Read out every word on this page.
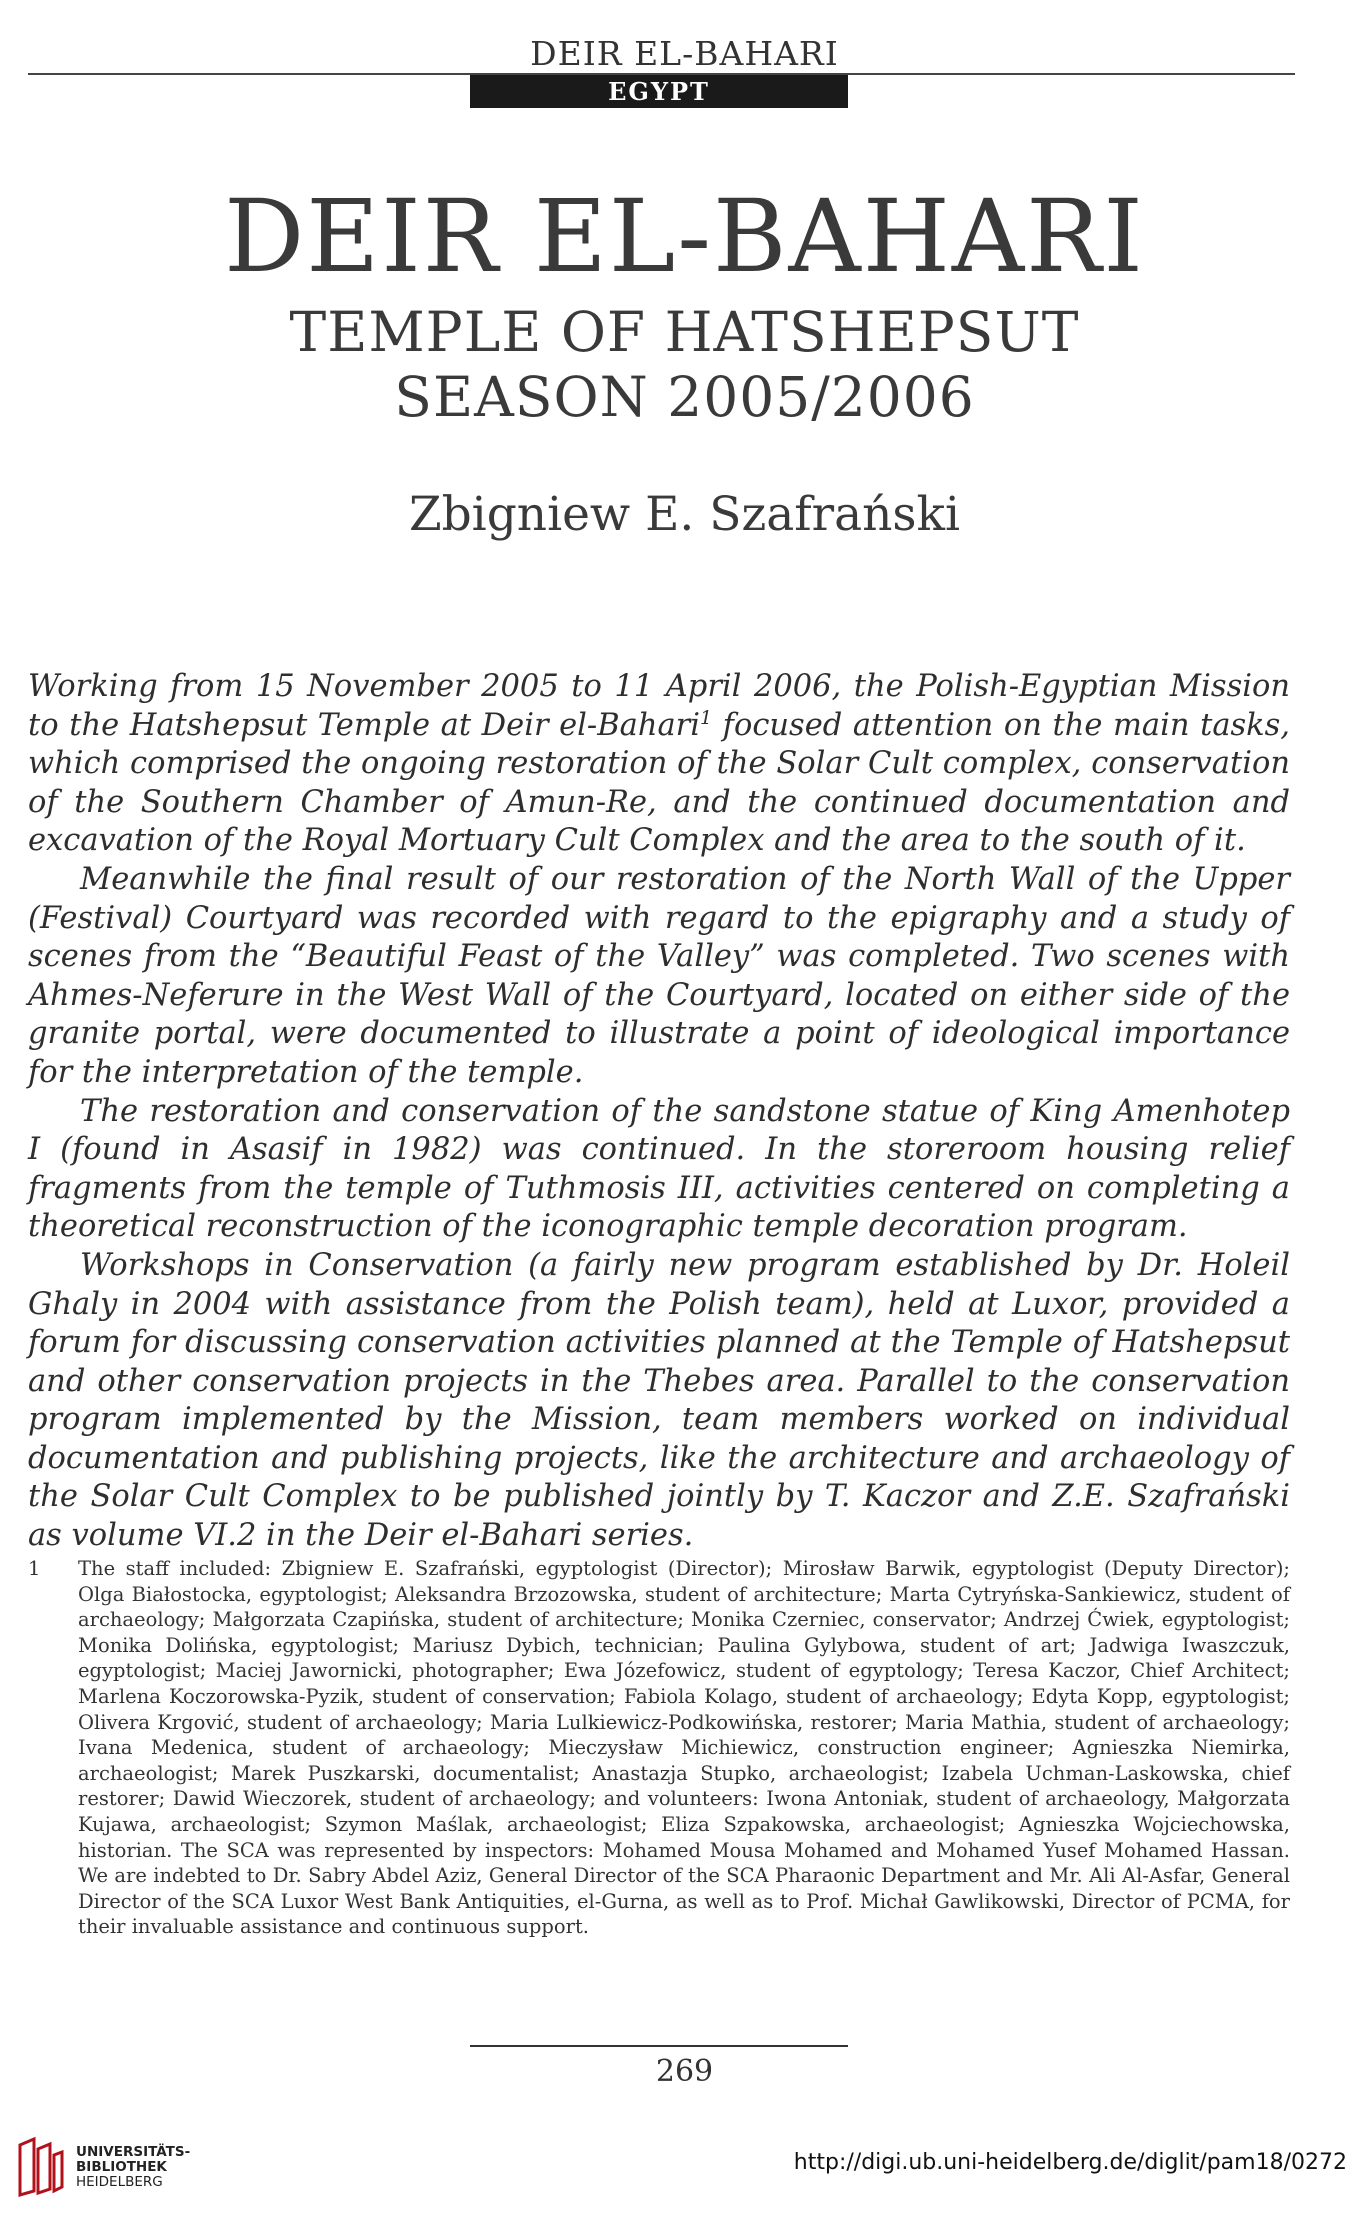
DEIR EL-BAHARI
EGYPT
DEIR EL-BAHARI
TEMPLE OF HATSHEPSUT
SEASON 2005/2006
Zbigniew E. Szafrański

Working from 15 November 2005 to 11 April 2006, the Polish-Egyptian Mission to the Hatshepsut Temple at Deir el-Bahari$^1$ focused attention on the main tasks, which comprised the ongoing restoration of the Solar Cult complex, conservation of the Southern Chamber of Amun-Re, and the continued documentation and excavation of the Royal Mortuary Cult Complex and the area to the south of it.

Meanwhile the final result of our restoration of the North Wall of the Upper (Festival) Courtyard was recorded with regard to the epigraphy and a study of scenes from the “Beautiful Feast of the Valley” was completed. Two scenes with Ahmes-Neferure in the West Wall of the Courtyard, located on either side of the granite portal, were documented to illustrate a point of ideological importance for the interpretation of the temple.

The restoration and conservation of the sandstone statue of King Amenhotep I (found in Asasif in 1982) was continued. In the storeroom housing relief fragments from the temple of Tuthmosis III, activities centered on completing a theoretical reconstruction of the iconographic temple decoration program.

Workshops in Conservation (a fairly new program established by Dr. Holeil Ghaly in 2004 with assistance from the Polish team), held at Luxor, provided a forum for discussing conservation activities planned at the Temple of Hatshepsut and other conservation projects in the Thebes area. Parallel to the conservation program implemented by the Mission, team members worked on individual documentation and publishing projects, like the architecture and archaeology of the Solar Cult Complex to be published jointly by T. Kaczor and Z.E. Szafrański as volume VI.2 in the Deir el-Bahari series.

1	The staff included: Zbigniew E. Szafrański, egyptologist (Director); Mirosław Barwik, egyptologist (Deputy Director); Olga Białostocka, egyptologist; Aleksandra Brzozowska, student of architecture; Marta Cytryńska-Sankiewicz, student of archaeology; Małgorzata Czapińska, student of architecture; Monika Czerniec, conservator; Andrzej Ćwiek, egyptologist; Monika Dolińska, egyptologist; Mariusz Dybich, technician; Paulina Gylybowa, student of art; Jadwiga Iwaszczuk, egyptologist; Maciej Jawornicki, photographer; Ewa Józefowicz, student of egyptology; Teresa Kaczor, Chief Architect; Marlena Koczorowska-Pyzik, student of conservation; Fabiola Kolago, student of archaeology; Edyta Kopp, egyptologist; Olivera Krgović, student of archaeology; Maria Lulkiewicz-Podkowińska, restorer; Maria Mathia, student of archaeology; Ivana Medenica, student of archaeology; Mieczysław Michiewicz, construction engineer; Agnieszka Niemirka, archaeologist; Marek Puszkarski, documentalist; Anastazja Stupko, archaeologist; Izabela Uchman-Laskowska, chief restorer; Dawid Wieczorek, student of archaeology; and volunteers: Iwona Antoniak, student of archaeology, Małgorzata Kujawa, archaeologist; Szymon Maślak, archaeologist; Eliza Szpakowska, archaeologist; Agnieszka Wojciechowska, historian. The SCA was represented by inspectors: Mohamed Mousa Mohamed and Mohamed Yusef Mohamed Hassan. We are indebted to Dr. Sabry Abdel Aziz, General Director of the SCA Pharaonic Department and Mr. Ali Al-Asfar, General Director of the SCA Luxor West Bank Antiquities, el-Gurna, as well as to Prof. Michał Gawlikowski, Director of PCMA, for their invaluable assistance and continuous support.
269
UNIVERSITÄTS-
BIBLIOTHEK
HEIDELBERG
http://digi.ub.uni-heidelberg.de/diglit/pam18/0272
